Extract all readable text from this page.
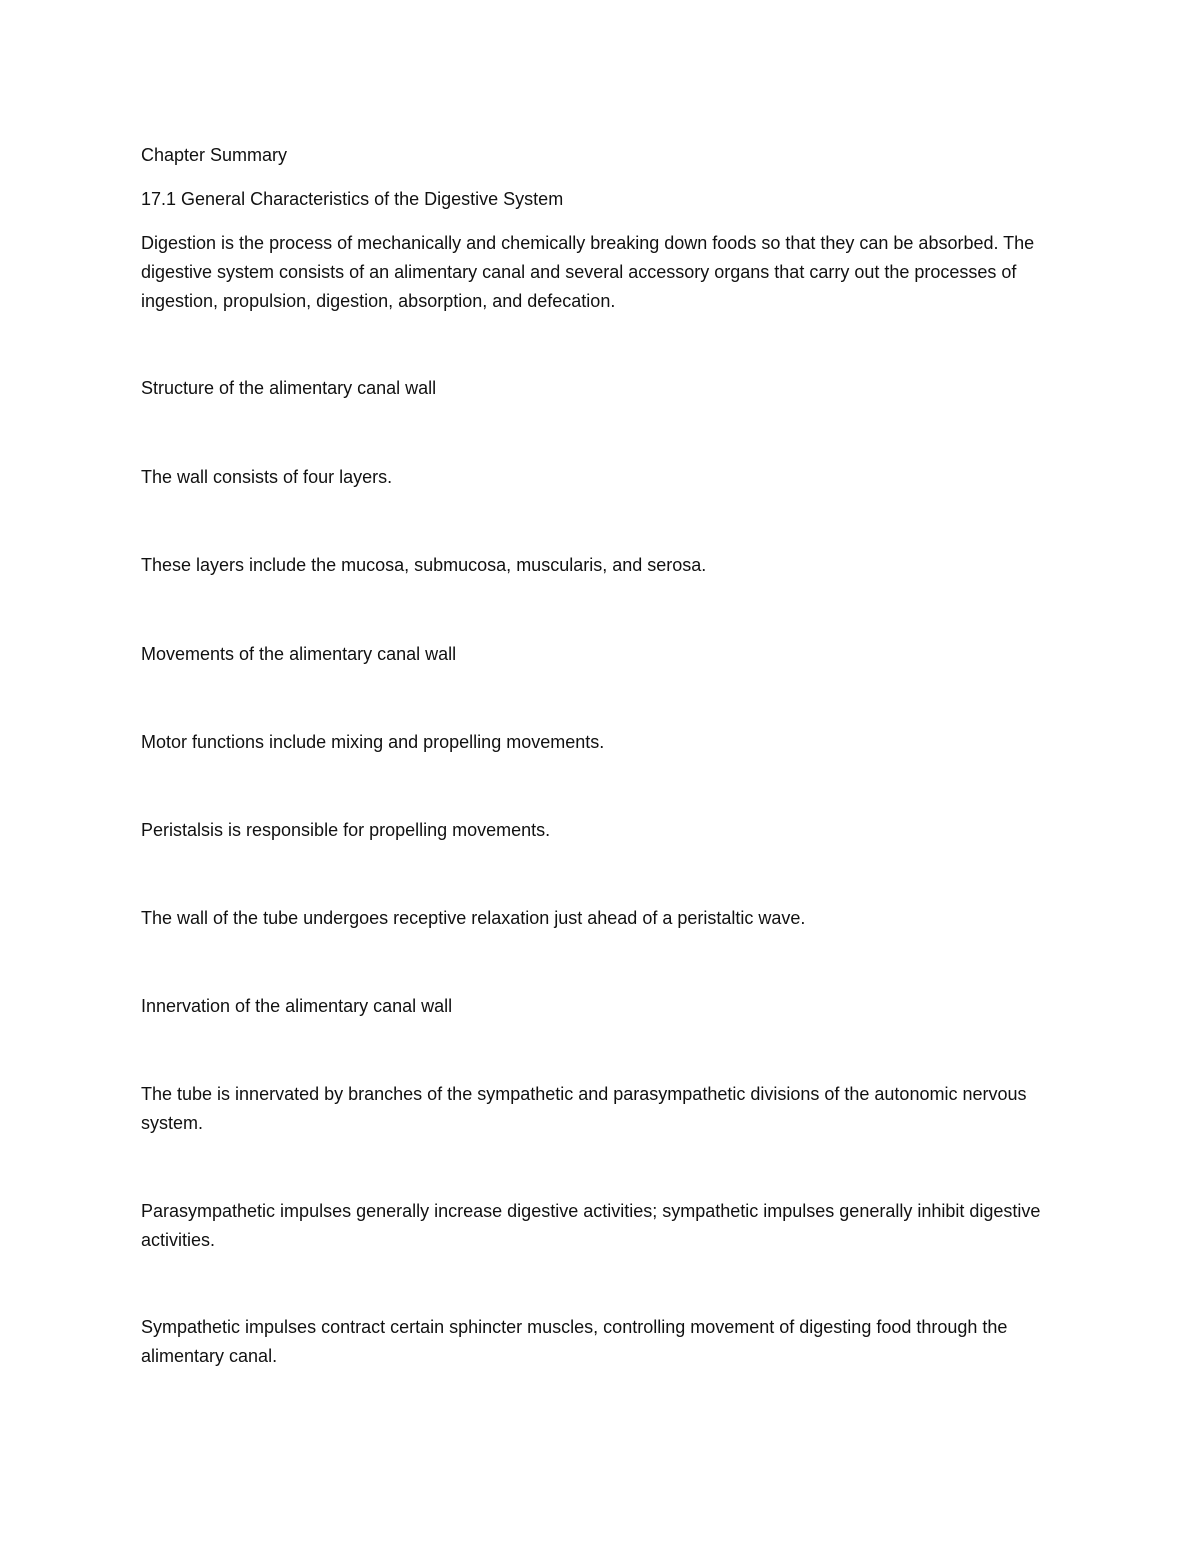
Chapter Summary

17.1 General Characteristics of the Digestive System

Digestion is the process of mechanically and chemically breaking down foods so that they can be absorbed. The digestive system consists of an alimentary canal and several accessory organs that carry out the processes of ingestion, propulsion, digestion, absorption, and defecation.

Structure of the alimentary canal wall

The wall consists of four layers.

These layers include the mucosa, submucosa, muscularis, and serosa.

Movements of the alimentary canal wall

Motor functions include mixing and propelling movements.

Peristalsis is responsible for propelling movements.

The wall of the tube undergoes receptive relaxation just ahead of a peristaltic wave.

Innervation of the alimentary canal wall

The tube is innervated by branches of the sympathetic and parasympathetic divisions of the autonomic nervous system.

Parasympathetic impulses generally increase digestive activities; sympathetic impulses generally inhibit digestive activities.

Sympathetic impulses contract certain sphincter muscles, controlling movement of digesting food through the alimentary canal.
